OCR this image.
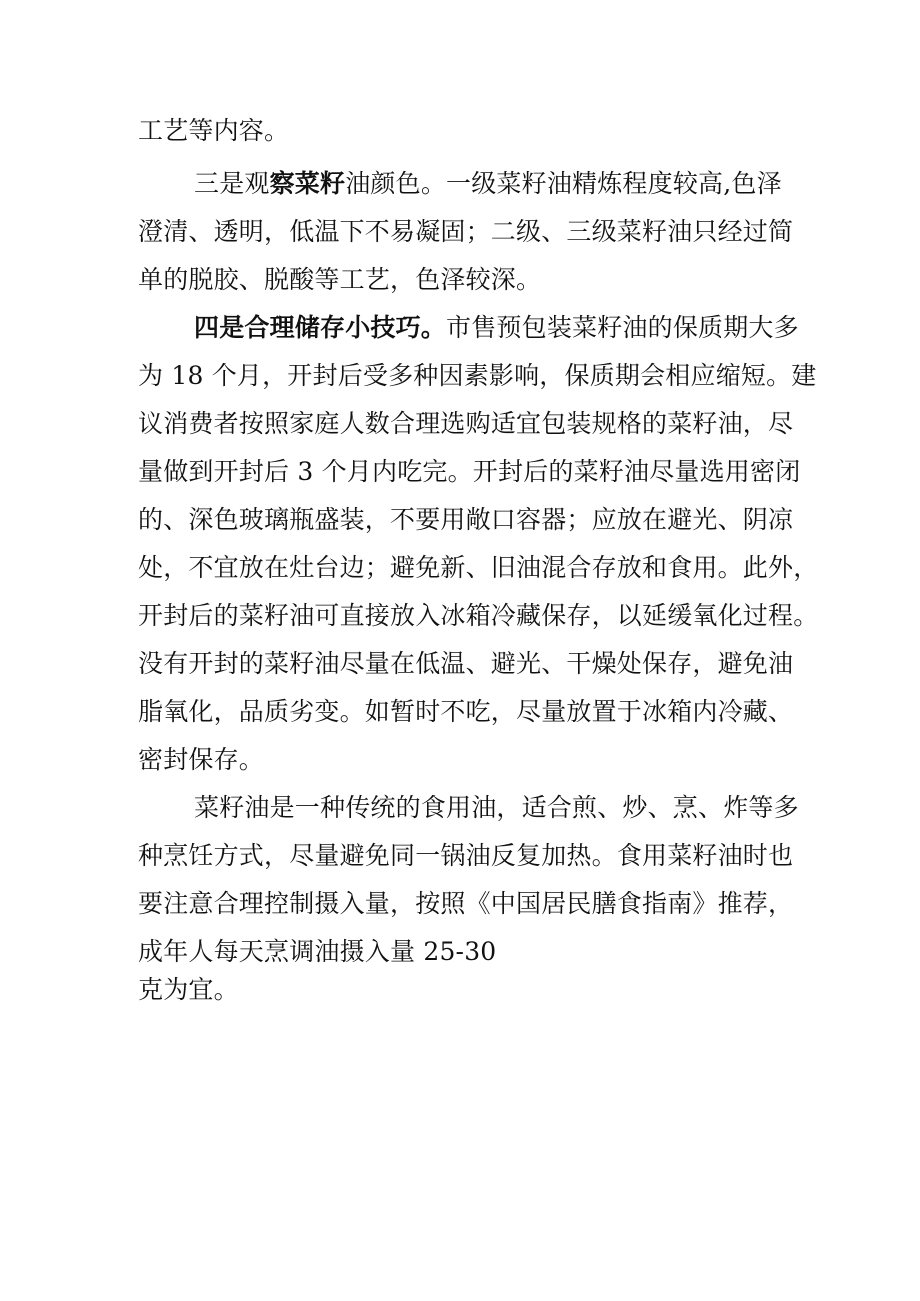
工艺等内容。
三是观察菜籽油颜色。一级菜籽油精炼程度较高,色泽
澄清、透明，低温下不易凝固；二级、三级菜籽油只经过简
单的脱胶、脱酸等工艺，色泽较深。
四是合理储存小技巧。市售预包装菜籽油的保质期大多
为 18 个月，开封后受多种因素影响，保质期会相应缩短。建
议消费者按照家庭人数合理选购适宜包装规格的菜籽油，尽
量做到开封后 3 个月内吃完。开封后的菜籽油尽量选用密闭
的、深色玻璃瓶盛装，不要用敞口容器；应放在避光、阴凉
处，不宜放在灶台边；避免新、旧油混合存放和食用。此外，
开封后的菜籽油可直接放入冰箱冷藏保存，以延缓氧化过程。
没有开封的菜籽油尽量在低温、避光、干燥处保存，避免油
脂氧化，品质劣变。如暂时不吃，尽量放置于冰箱内冷藏、
密封保存。
菜籽油是一种传统的食用油，适合煎、炒、烹、炸等多
种烹饪方式，尽量避免同一锅油反复加热。食用菜籽油时也
要注意合理控制摄入量，按照《中国居民膳食指南》推荐，
成年人每天烹调油摄入量 25-30
克为宜。
